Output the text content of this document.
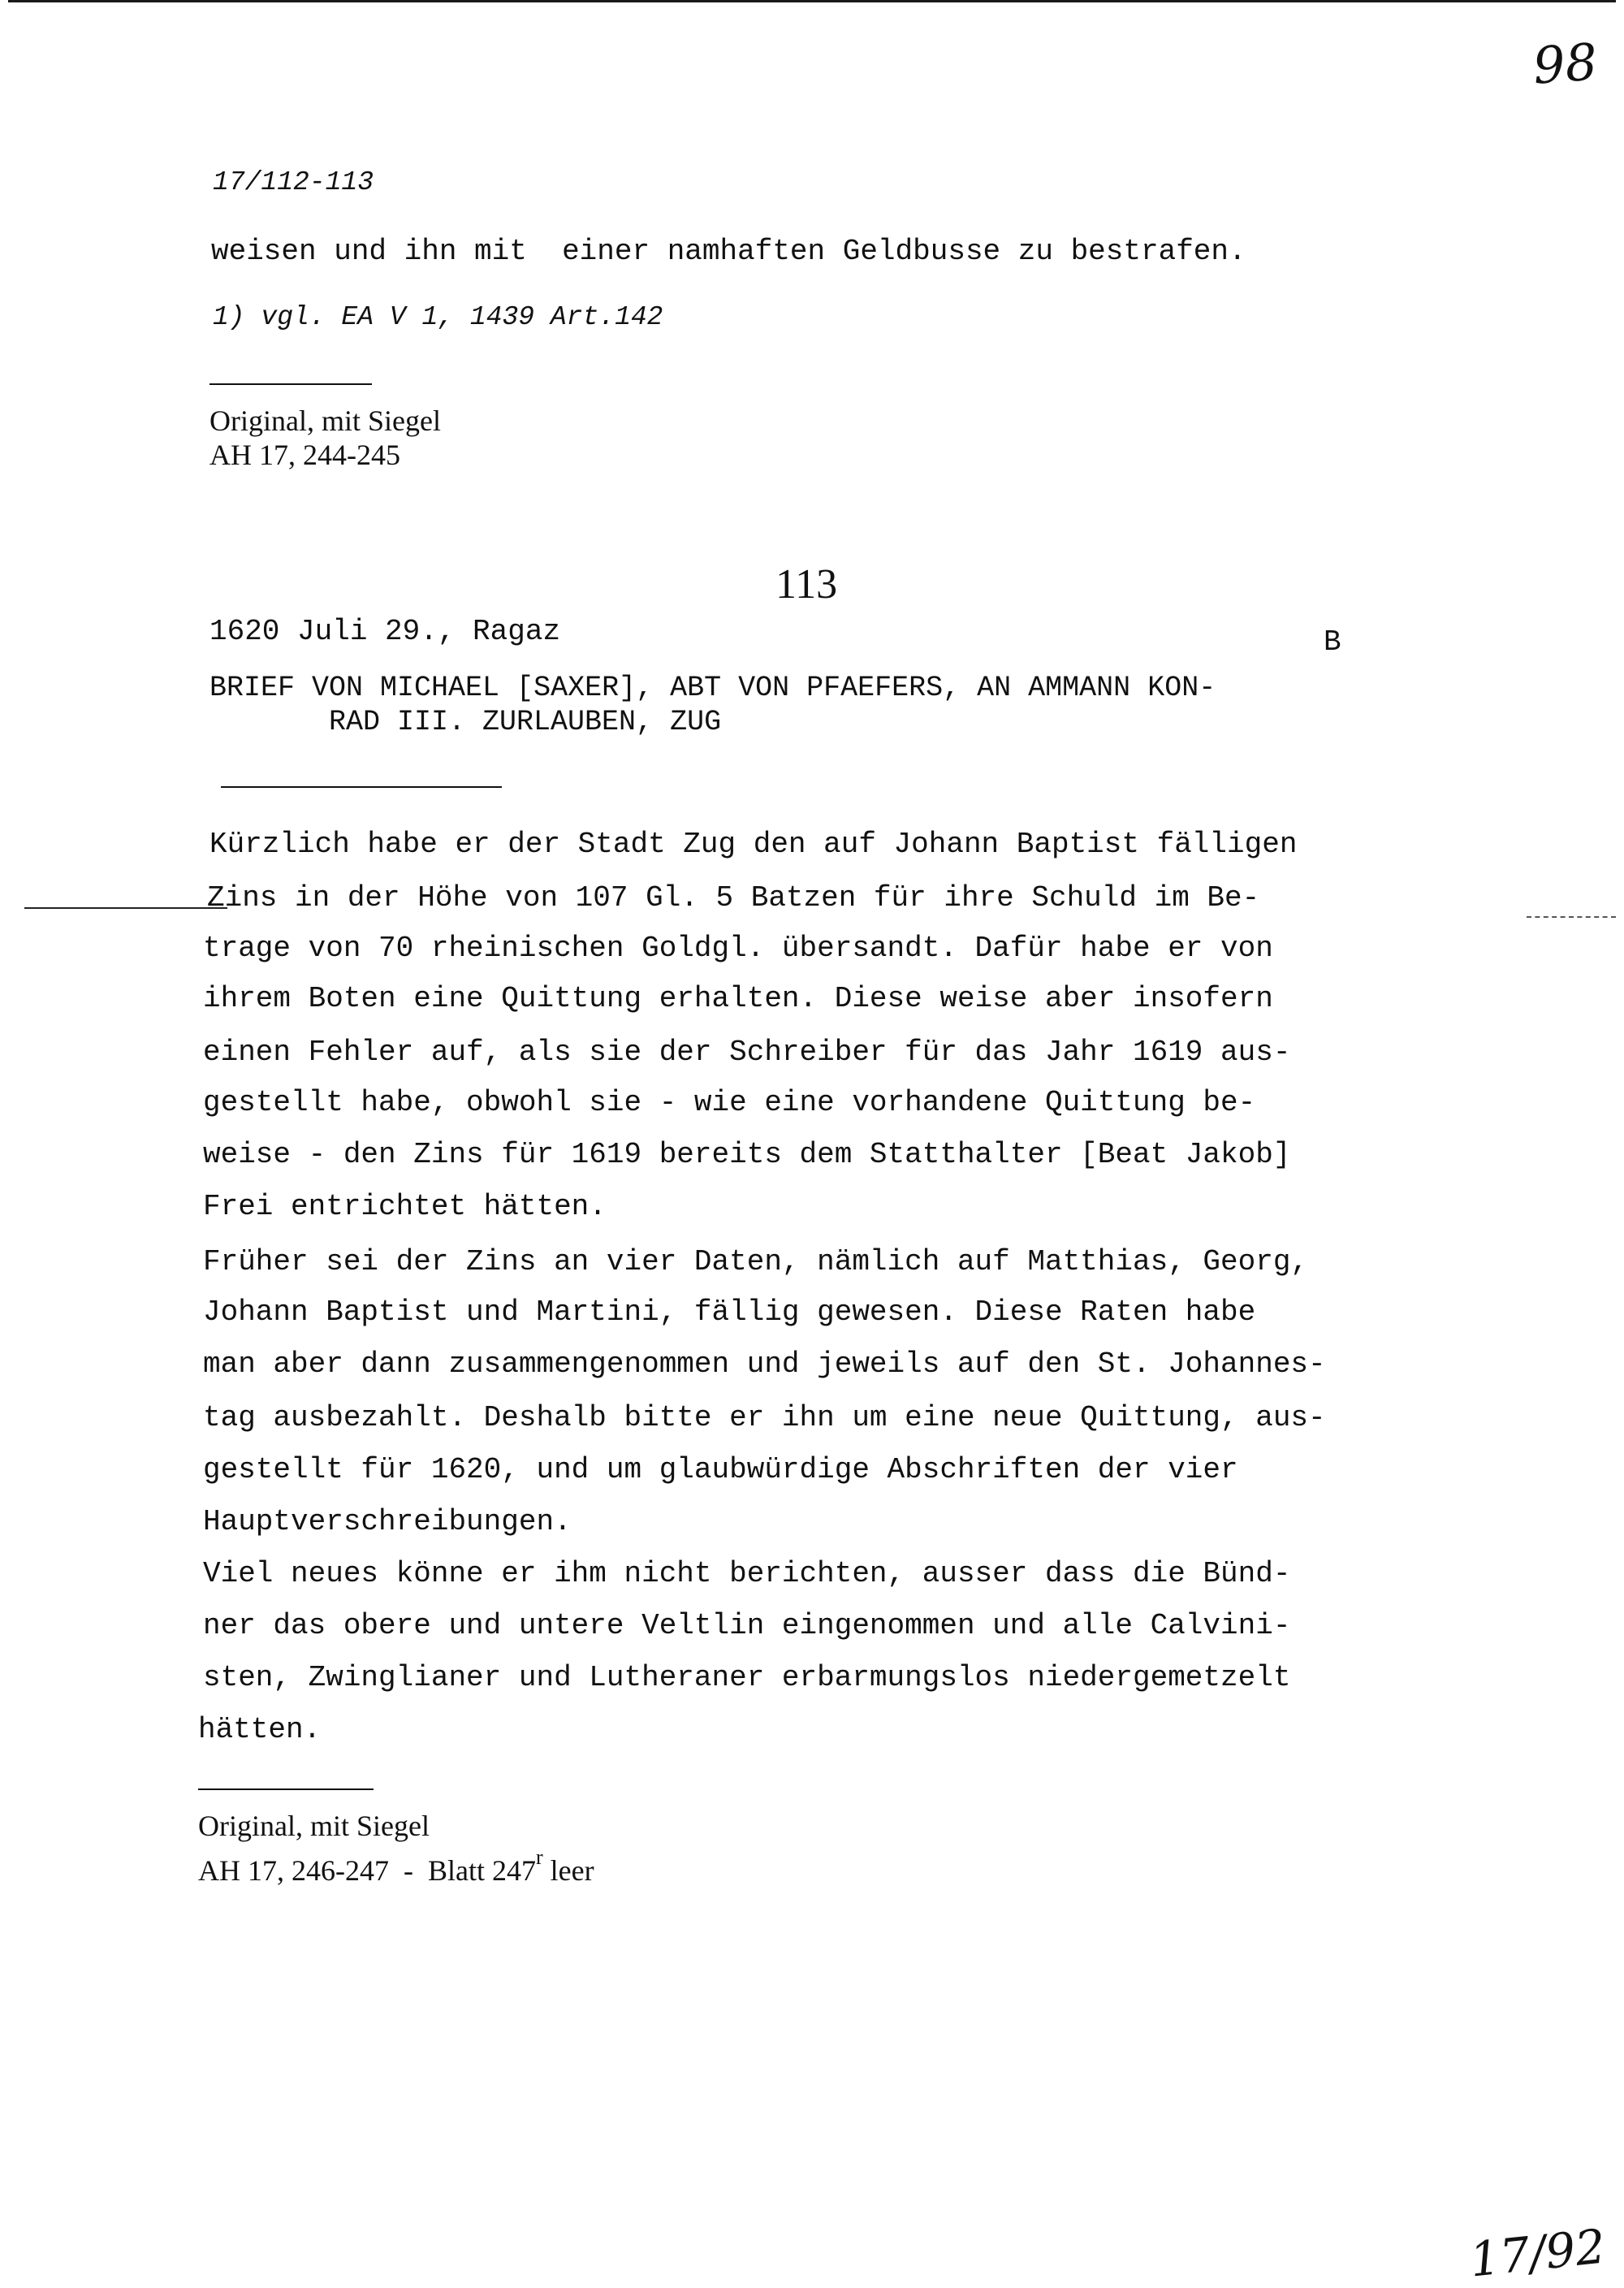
98
17/112-113
weisen und ihn mit  einer namhaften Geldbusse zu bestrafen.
1) vgl. EA V 1, 1439 Art.142
Original, mit Siegel
AH 17, 244-245
113
1620 Juli 29., Ragaz	B
BRIEF VON MICHAEL [SAXER], ABT VON PFAEFERS, AN AMMANN KON-
RAD III. ZURLAUBEN, ZUG
Kürzlich habe er der Stadt Zug den auf Johann Baptist fälligen
Zins in der Höhe von 107 Gl. 5 Batzen für ihre Schuld im Be-
trage von 70 rheinischen Goldgl. übersandt. Dafür habe er von
ihrem Boten eine Quittung erhalten. Diese weise aber insofern
einen Fehler auf, als sie der Schreiber für das Jahr 1619 aus-
gestellt habe, obwohl sie - wie eine vorhandene Quittung be-
weise - den Zins für 1619 bereits dem Statthalter [Beat Jakob]
Frei entrichtet hätten.
Früher sei der Zins an vier Daten, nämlich auf Matthias, Georg,
Johann Baptist und Martini, fällig gewesen. Diese Raten habe
man aber dann zusammengenommen und jeweils auf den St. Johannes-
tag ausbezahlt. Deshalb bitte er ihn um eine neue Quittung, aus-
gestellt für 1620, und um glaubwürdige Abschriften der vier
Hauptverschreibungen.
Viel neues könne er ihm nicht berichten, ausser dass die Bünd-
ner das obere und untere Veltlin eingenommen und alle Calvini-
sten, Zwinglianer und Lutheraner erbarmungslos niedergemetzelt
hätten.
Original, mit Siegel
AH 17, 246-247  -  Blatt 247$^r$ leer
17/92
